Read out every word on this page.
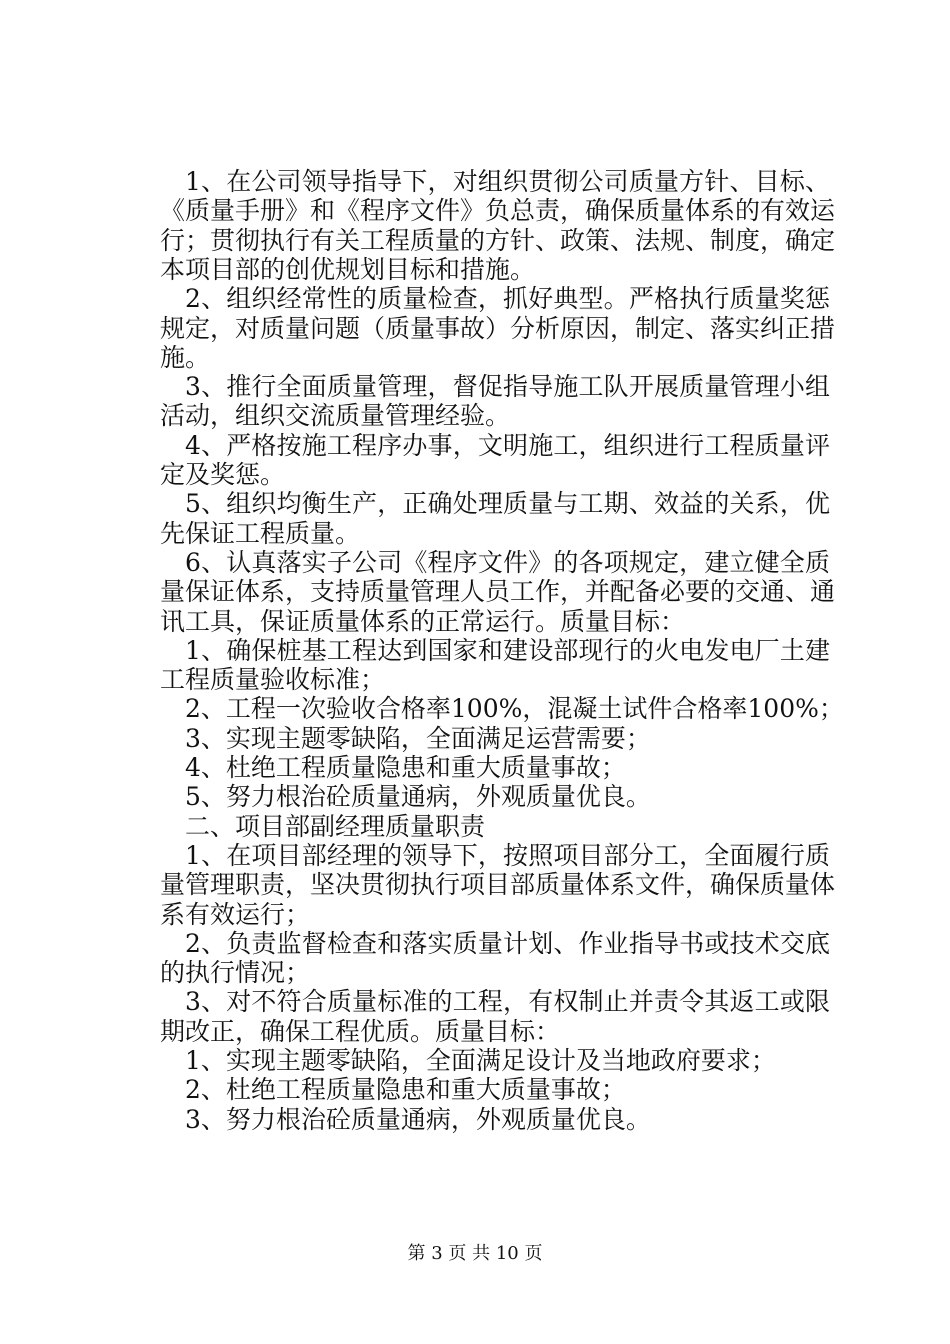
1、在公司领导指导下，对组织贯彻公司质量方针、目标、
《质量手册》和《程序文件》负总责，确保质量体系的有效运
行；贯彻执行有关工程质量的方针、政策、法规、制度，确定
本项目部的创优规划目标和措施。
2、组织经常性的质量检查，抓好典型。严格执行质量奖惩
规定，对质量问题（质量事故）分析原因，制定、落实纠正措
施。
3、推行全面质量管理，督促指导施工队开展质量管理小组
活动，组织交流质量管理经验。
4、严格按施工程序办事，文明施工，组织进行工程质量评
定及奖惩。
5、组织均衡生产，正确处理质量与工期、效益的关系，优
先保证工程质量。
6、认真落实子公司《程序文件》的各项规定，建立健全质
量保证体系，支持质量管理人员工作，并配备必要的交通、通
讯工具，保证质量体系的正常运行。质量目标：
1、确保桩基工程达到国家和建设部现行的火电发电厂土建
工程质量验收标准；
2、工程一次验收合格率100%，混凝土试件合格率100%；
3、实现主题零缺陷，全面满足运营需要；
4、杜绝工程质量隐患和重大质量事故；
5、努力根治砼质量通病，外观质量优良。
二、项目部副经理质量职责
1、在项目部经理的领导下，按照项目部分工，全面履行质
量管理职责，坚决贯彻执行项目部质量体系文件，确保质量体
系有效运行；
2、负责监督检查和落实质量计划、作业指导书或技术交底
的执行情况；
3、对不符合质量标准的工程，有权制止并责令其返工或限
期改正，确保工程优质。质量目标：
1、实现主题零缺陷，全面满足设计及当地政府要求；
2、杜绝工程质量隐患和重大质量事故；
3、努力根治砼质量通病，外观质量优良。
第 3 页 共 10 页
